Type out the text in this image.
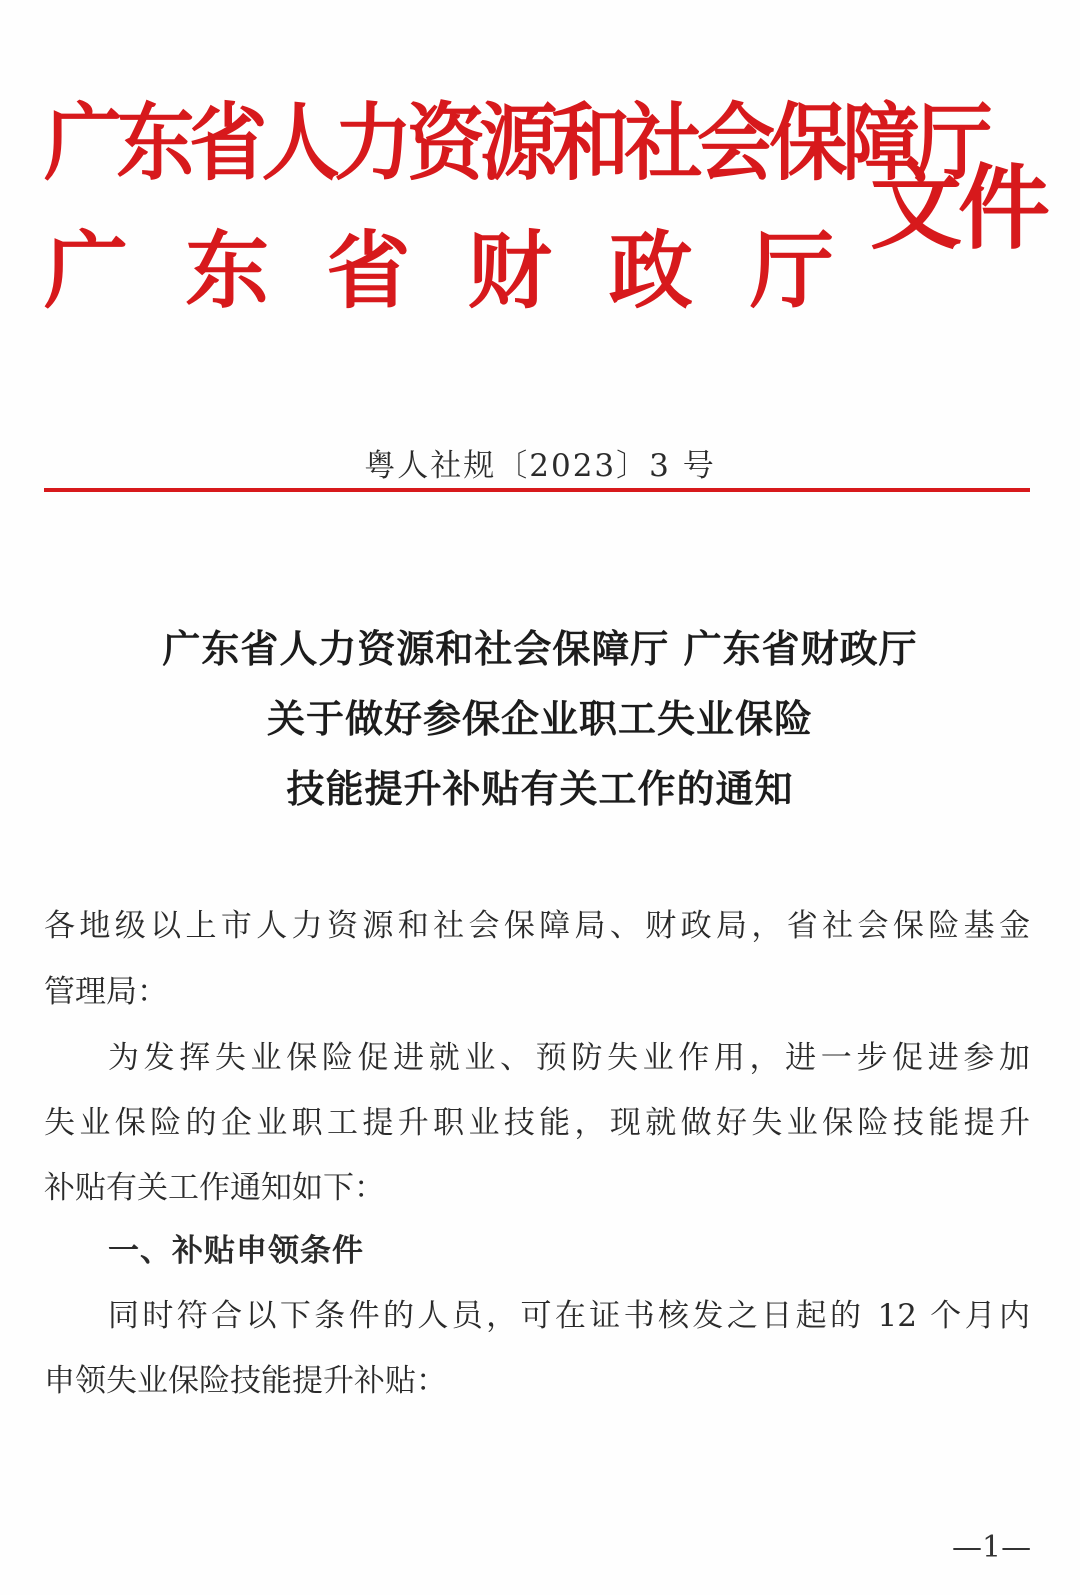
广东省人力资源和社会保障厅
广 东 省 财 政 厅
文件
粤人社规〔2023〕3 号
广东省人力资源和社会保障厅 广东省财政厅
关于做好参保企业职工失业保险
技能提升补贴有关工作的通知
各地级以上市人力资源和社会保障局、财政局，省社会保险基金
管理局：
为发挥失业保险促进就业、预防失业作用，进一步促进参加
失业保险的企业职工提升职业技能，现就做好失业保险技能提升
补贴有关工作通知如下：
一、补贴申领条件
同时符合以下条件的人员，可在证书核发之日起的 12 个月内
申领失业保险技能提升补贴：
—1—
